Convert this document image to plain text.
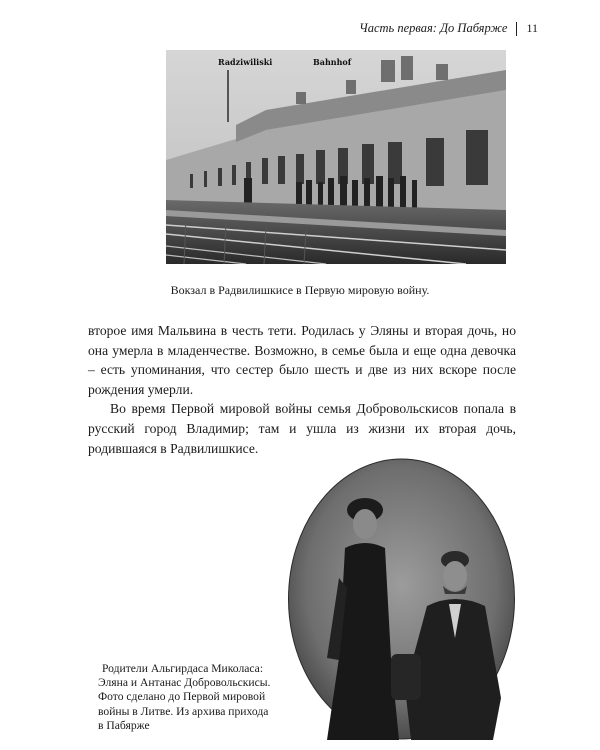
Часть первая: До Пабярже 11
Radziwiliski	Bahnhof
Вокзал в Радвилишкисе в Первую мировую войну.

второе имя Мальвина в честь тети. Родилась у Эляны и вторая дочь, но она умерла в младенчестве. Возможно, в семье была и еще одна девочка – есть упоминания, что сестер было шесть и две из них вскоре после рождения умерли.

Во время Первой мировой войны семья Добровольскисов попала в русский город Владимир; там и ушла из жизни их вторая дочь, родившаяся в Радвилишкисе.

Родители Альгирдаса Миколаса:
Эляна и Антанас Добровольскисы.
Фото сделано до Первой мировой
войны в Литве. Из архива прихода
в Пабярже
